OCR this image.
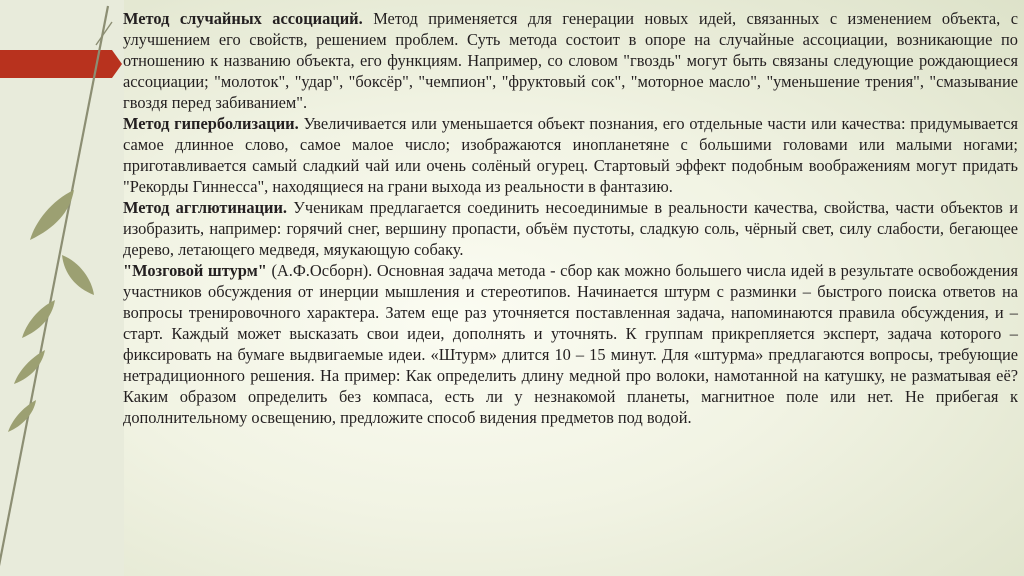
Метод случайных ассоциаций. Метод применяется для генерации новых идей, связанных с изменением объекта, с улучшением его свойств, решением проблем. Суть метода состоит в опоре на случайные ассоциации, возникающие по отношению к названию объекта, его функциям. Например, со словом "гвоздь" могут быть связаны следующие рождающиеся ассоциации; "молоток", "удар", "боксёр", "чемпион", "фруктовый сок", "моторное масло", "уменьшение трения", "смазывание гвоздя перед забиванием".

Метод гиперболизации. Увеличивается или уменьшается объект познания, его отдельные части или качества: придумывается самое длинное слово, самое малое число; изображаются инопланетяне с большими головами или малыми ногами; приготавливается самый сладкий чай или очень солёный огурец. Стартовый эффект подобным воображениям могут придать "Рекорды Гиннесса", находящиеся на грани выхода из реальности в фантазию.

Метод агглютинации. Ученикам предлагается соединить несоединимые в реальности качества, свойства, части объектов и изобразить, например: горячий снег, вершину пропасти, объём пустоты, сладкую соль, чёрный свет, силу слабости, бегающее дерево, летающего медведя, мяукающую собаку.

"Мозговой штурм" (А.Ф.Осборн). Основная задача метода - сбор как можно большего числа идей в результате освобождения участников обсуждения от инерции мышления и стереотипов. Начинается штурм с разминки – быстрого поиска ответов на вопросы тренировочного характера. Затем еще раз уточняется поставленная задача, напоминаются правила обсуждения, и – старт. Каждый может высказать свои идеи, дополнять и уточнять. К группам прикрепляется эксперт, задача которого – фиксировать на бумаге выдвигаемые идеи. «Штурм» длится 10 – 15 минут. Для «штурма» предлагаются вопросы, требующие нетрадиционного решения. На пример: Как определить длину медной про волоки, намотанной на катушку, не разматывая её? Каким образом определить без компаса, есть ли у незнакомой планеты, магнитное поле или нет. Не прибегая к дополнительному освещению, предложите способ видения предметов под водой.
